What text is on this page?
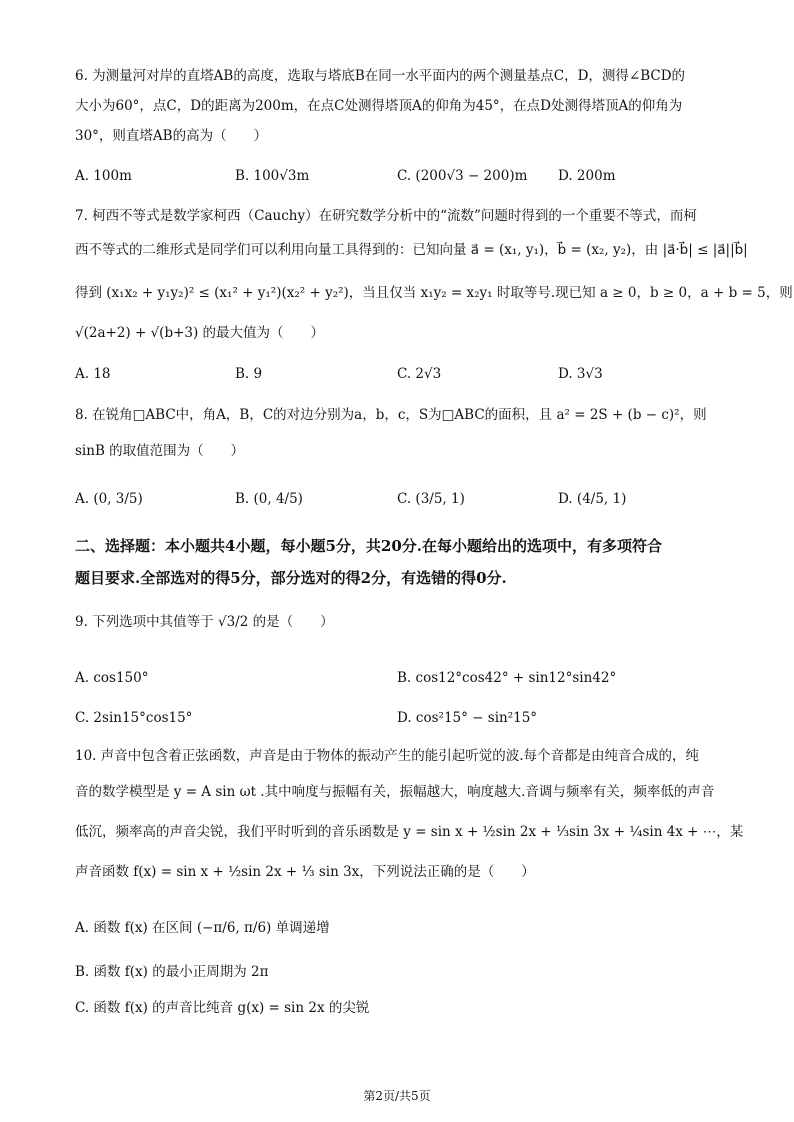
6. 为测量河对岸的直塔AB的高度，选取与塔底B在同一水平面内的两个测量基点C，D，测得∠BCD的
大小为60°，点C，D的距离为200m，在点C处测得塔顶A的仰角为45°，在点D处测得塔顶A的仰角为
30°，则直塔AB的高为（　　）
A. 100m	B. 100√3m	C. (200√3 − 200)m D. 200m
7. 柯西不等式是数学家柯西（Cauchy）在研究数学分析中的“流数”问题时得到的一个重要不等式，而柯
西不等式的二维形式是同学们可以利用向量工具得到的：已知向量 a⃗ = (x₁, y₁)，b⃗ = (x₂, y₂)，由 |a⃗·b⃗| ≤ |a⃗||b⃗|
得到 (x₁x₂ + y₁y₂)² ≤ (x₁² + y₁²)(x₂² + y₂²)，当且仅当 x₁y₂ = x₂y₁ 时取等号.现已知 a ≥ 0，b ≥ 0，a + b = 5，则
√(2a+2) + √(b+3) 的最大值为（　　）
A. 18	B. 9	C. 2√3	D. 3√3
8. 在锐角□ABC中，角A，B，C的对边分别为a，b，c，S为□ABC的面积，且 a² = 2S + (b − c)²，则
sinB 的取值范围为（　　）
A. (0, 3/5)	B. (0, 4/5)	C. (3/5, 1)	D. (4/5, 1)
二、选择题：本小题共4小题，每小题5分，共20分.在每小题给出的选项中，有多项符合
题目要求.全部选对的得5分，部分选对的得2分，有选错的得0分.
9. 下列选项中其值等于 √3/2 的是（　　）
A. cos150°	B. cos12°cos42° + sin12°sin42°
C. 2sin15°cos15°	D. cos²15° − sin²15°
10. 声音中包含着正弦函数，声音是由于物体的振动产生的能引起听觉的波.每个音都是由纯音合成的，纯
音的数学模型是 y = A sin ωt .其中响度与振幅有关，振幅越大，响度越大.音调与频率有关，频率低的声音
低沉，频率高的声音尖锐，我们平时听到的音乐函数是 y = sin x + ½sin 2x + ⅓sin 3x + ¼sin 4x + ⋯，某
声音函数 f(x) = sin x + ½sin 2x + ⅓ sin 3x，下列说法正确的是（　　）
A. 函数 f(x) 在区间 (−π/6, π/6) 单调递增
B. 函数 f(x) 的最小正周期为 2π
C. 函数 f(x) 的声音比纯音 g(x) = sin 2x 的尖锐
第2页/共5页
